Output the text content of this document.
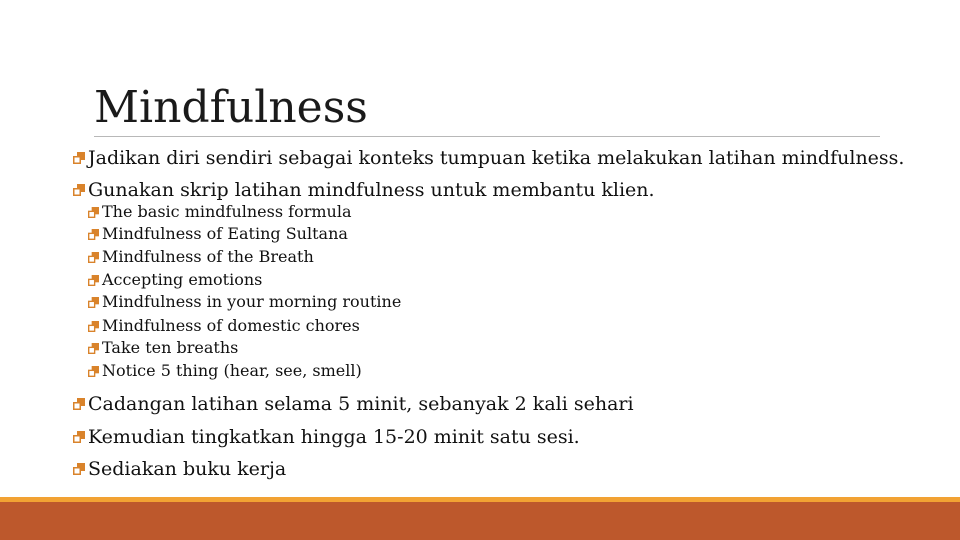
Mindfulness
Jadikan diri sendiri sebagai konteks tumpuan ketika melakukan latihan mindfulness.
Gunakan skrip latihan mindfulness untuk membantu klien.
The basic mindfulness formula
Mindfulness of Eating Sultana
Mindfulness of the Breath
Accepting emotions
Mindfulness in your morning routine
Mindfulness of domestic chores
Take ten breaths
Notice 5 thing (hear, see, smell)
Cadangan latihan selama 5 minit, sebanyak 2 kali sehari
Kemudian tingkatkan hingga 15-20 minit satu sesi.
Sediakan buku kerja
